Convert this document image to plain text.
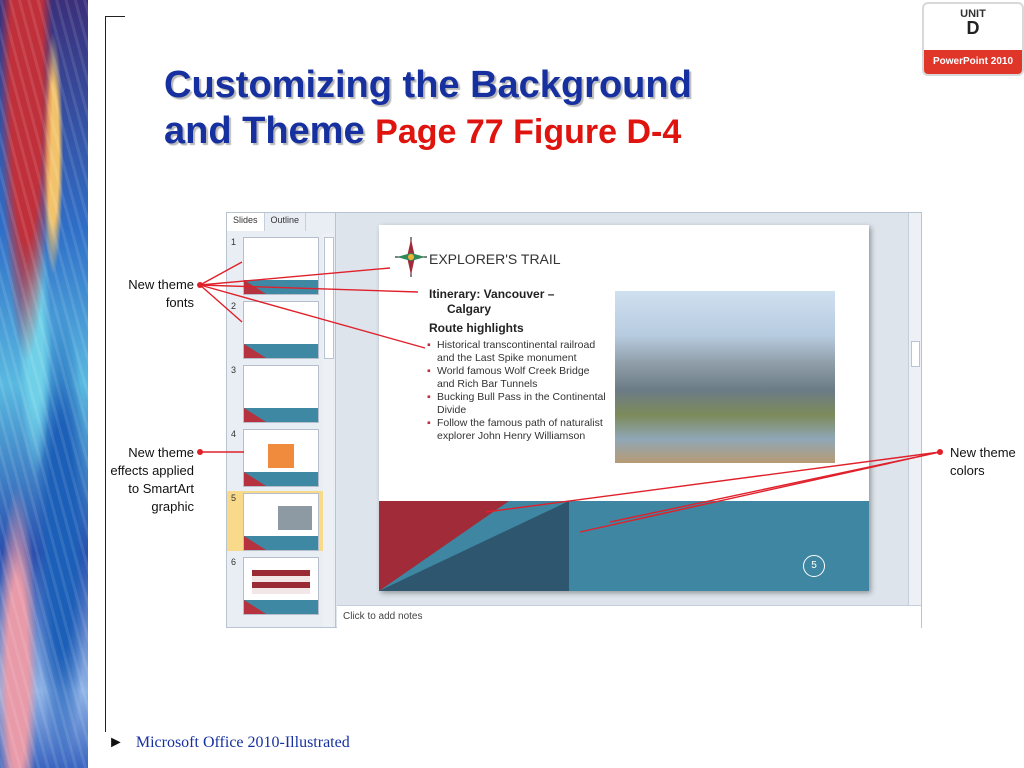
UNIT
D
PowerPoint 2010
Customizing the Background
and Theme Page 77 Figure D-4
Slides	Outline
1
2
3
4
5
6
EXPLORER'S TRAIL
Itinerary: Vancouver –
Calgary
Route highlights
▪ Historical transcontinental railroad and the Last Spike monument
▪ World famous Wolf Creek Bridge and Rich Bar Tunnels
▪ Bucking Bull Pass in the Continental Divide
▪ Follow the famous path of naturalist explorer John Henry Williamson
5
Click to add notes
New theme fonts
New theme effects applied to SmartArt graphic
New theme colors
► Microsoft Office 2010-Illustrated
